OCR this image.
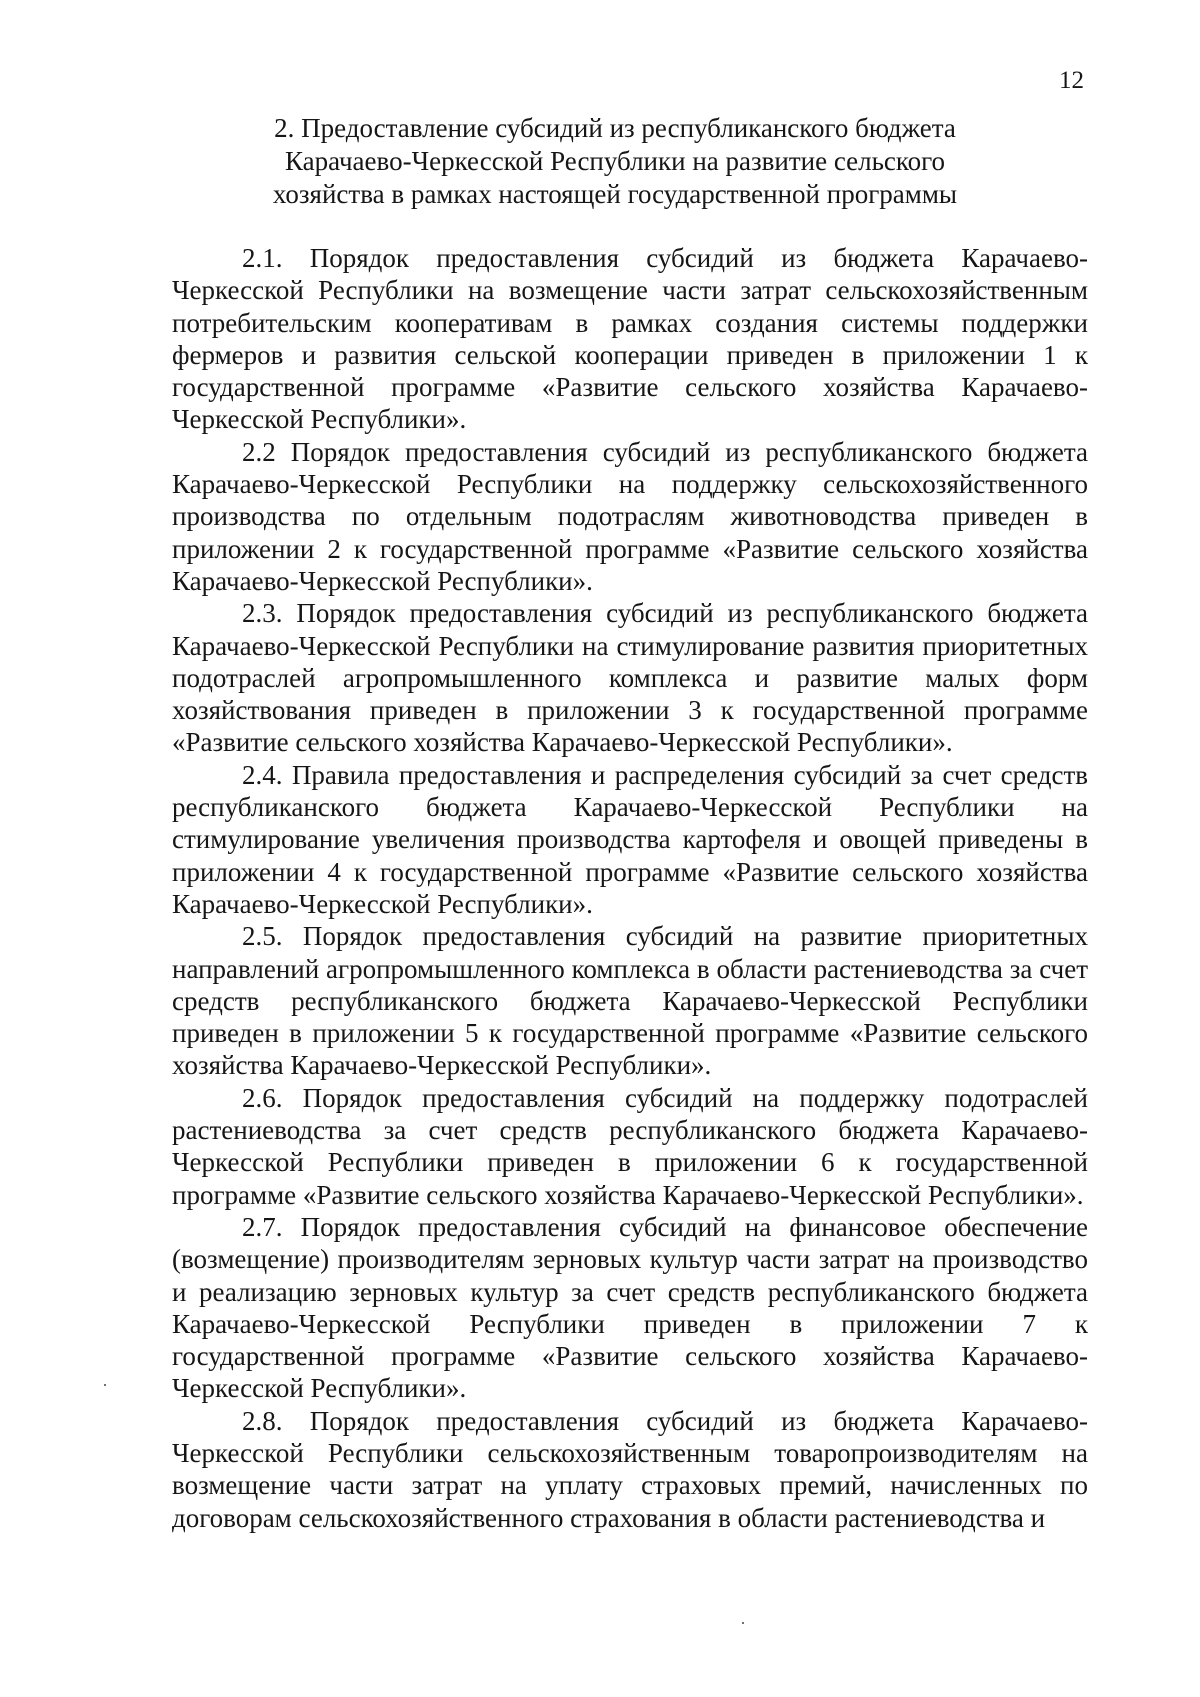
12
2. Предоставление субсидий из республиканского бюджета
Карачаево-Черкесской Республики на развитие сельского
хозяйства в рамках настоящей государственной программы

2.1. Порядок предоставления субсидий из бюджета Карачаево-Черкесской Республики на возмещение части затрат сельскохозяйственным потребительским кооперативам в рамках создания системы поддержки фермеров и развития сельской кооперации приведен в приложении 1 к государственной программе «Развитие сельского хозяйства Карачаево-Черкесской Республики».

2.2 Порядок предоставления субсидий из республиканского бюджета Карачаево-Черкесской Республики на поддержку сельскохозяйственного производства по отдельным подотраслям животноводства приведен в приложении 2 к государственной программе «Развитие сельского хозяйства Карачаево-Черкесской Республики».

2.3. Порядок предоставления субсидий из республиканского бюджета Карачаево-Черкесской Республики на стимулирование развития приоритетных подотраслей агропромышленного комплекса и развитие малых форм хозяйствования приведен в приложении 3 к государственной программе «Развитие сельского хозяйства Карачаево-Черкесской Республики».

2.4. Правила предоставления и распределения субсидий за счет средств республиканского бюджета Карачаево-Черкесской Республики на стимулирование увеличения производства картофеля и овощей приведены в приложении 4 к государственной программе «Развитие сельского хозяйства Карачаево-Черкесской Республики».

2.5. Порядок предоставления субсидий на развитие приоритетных направлений агропромышленного комплекса в области растениеводства за счет средств республиканского бюджета Карачаево-Черкесской Республики приведен в приложении 5 к государственной программе «Развитие сельского хозяйства Карачаево-Черкесской Республики».

2.6. Порядок предоставления субсидий на поддержку подотраслей растениеводства за счет средств республиканского бюджета Карачаево-Черкесской Республики приведен в приложении 6 к государственной программе «Развитие сельского хозяйства Карачаево-Черкесской Республики».

2.7. Порядок предоставления субсидий на финансовое обеспечение (возмещение) производителям зерновых культур части затрат на производство и реализацию зерновых культур за счет средств республиканского бюджета Карачаево-Черкесской Республики приведен в приложении 7 к государственной программе «Развитие сельского хозяйства Карачаево-Черкесской Республики».

2.8. Порядок предоставления субсидий из бюджета Карачаево-Черкесской Республики сельскохозяйственным товаропроизводителям на возмещение части затрат на уплату страховых премий, начисленных по договорам сельскохозяйственного страхования в области растениеводства и
